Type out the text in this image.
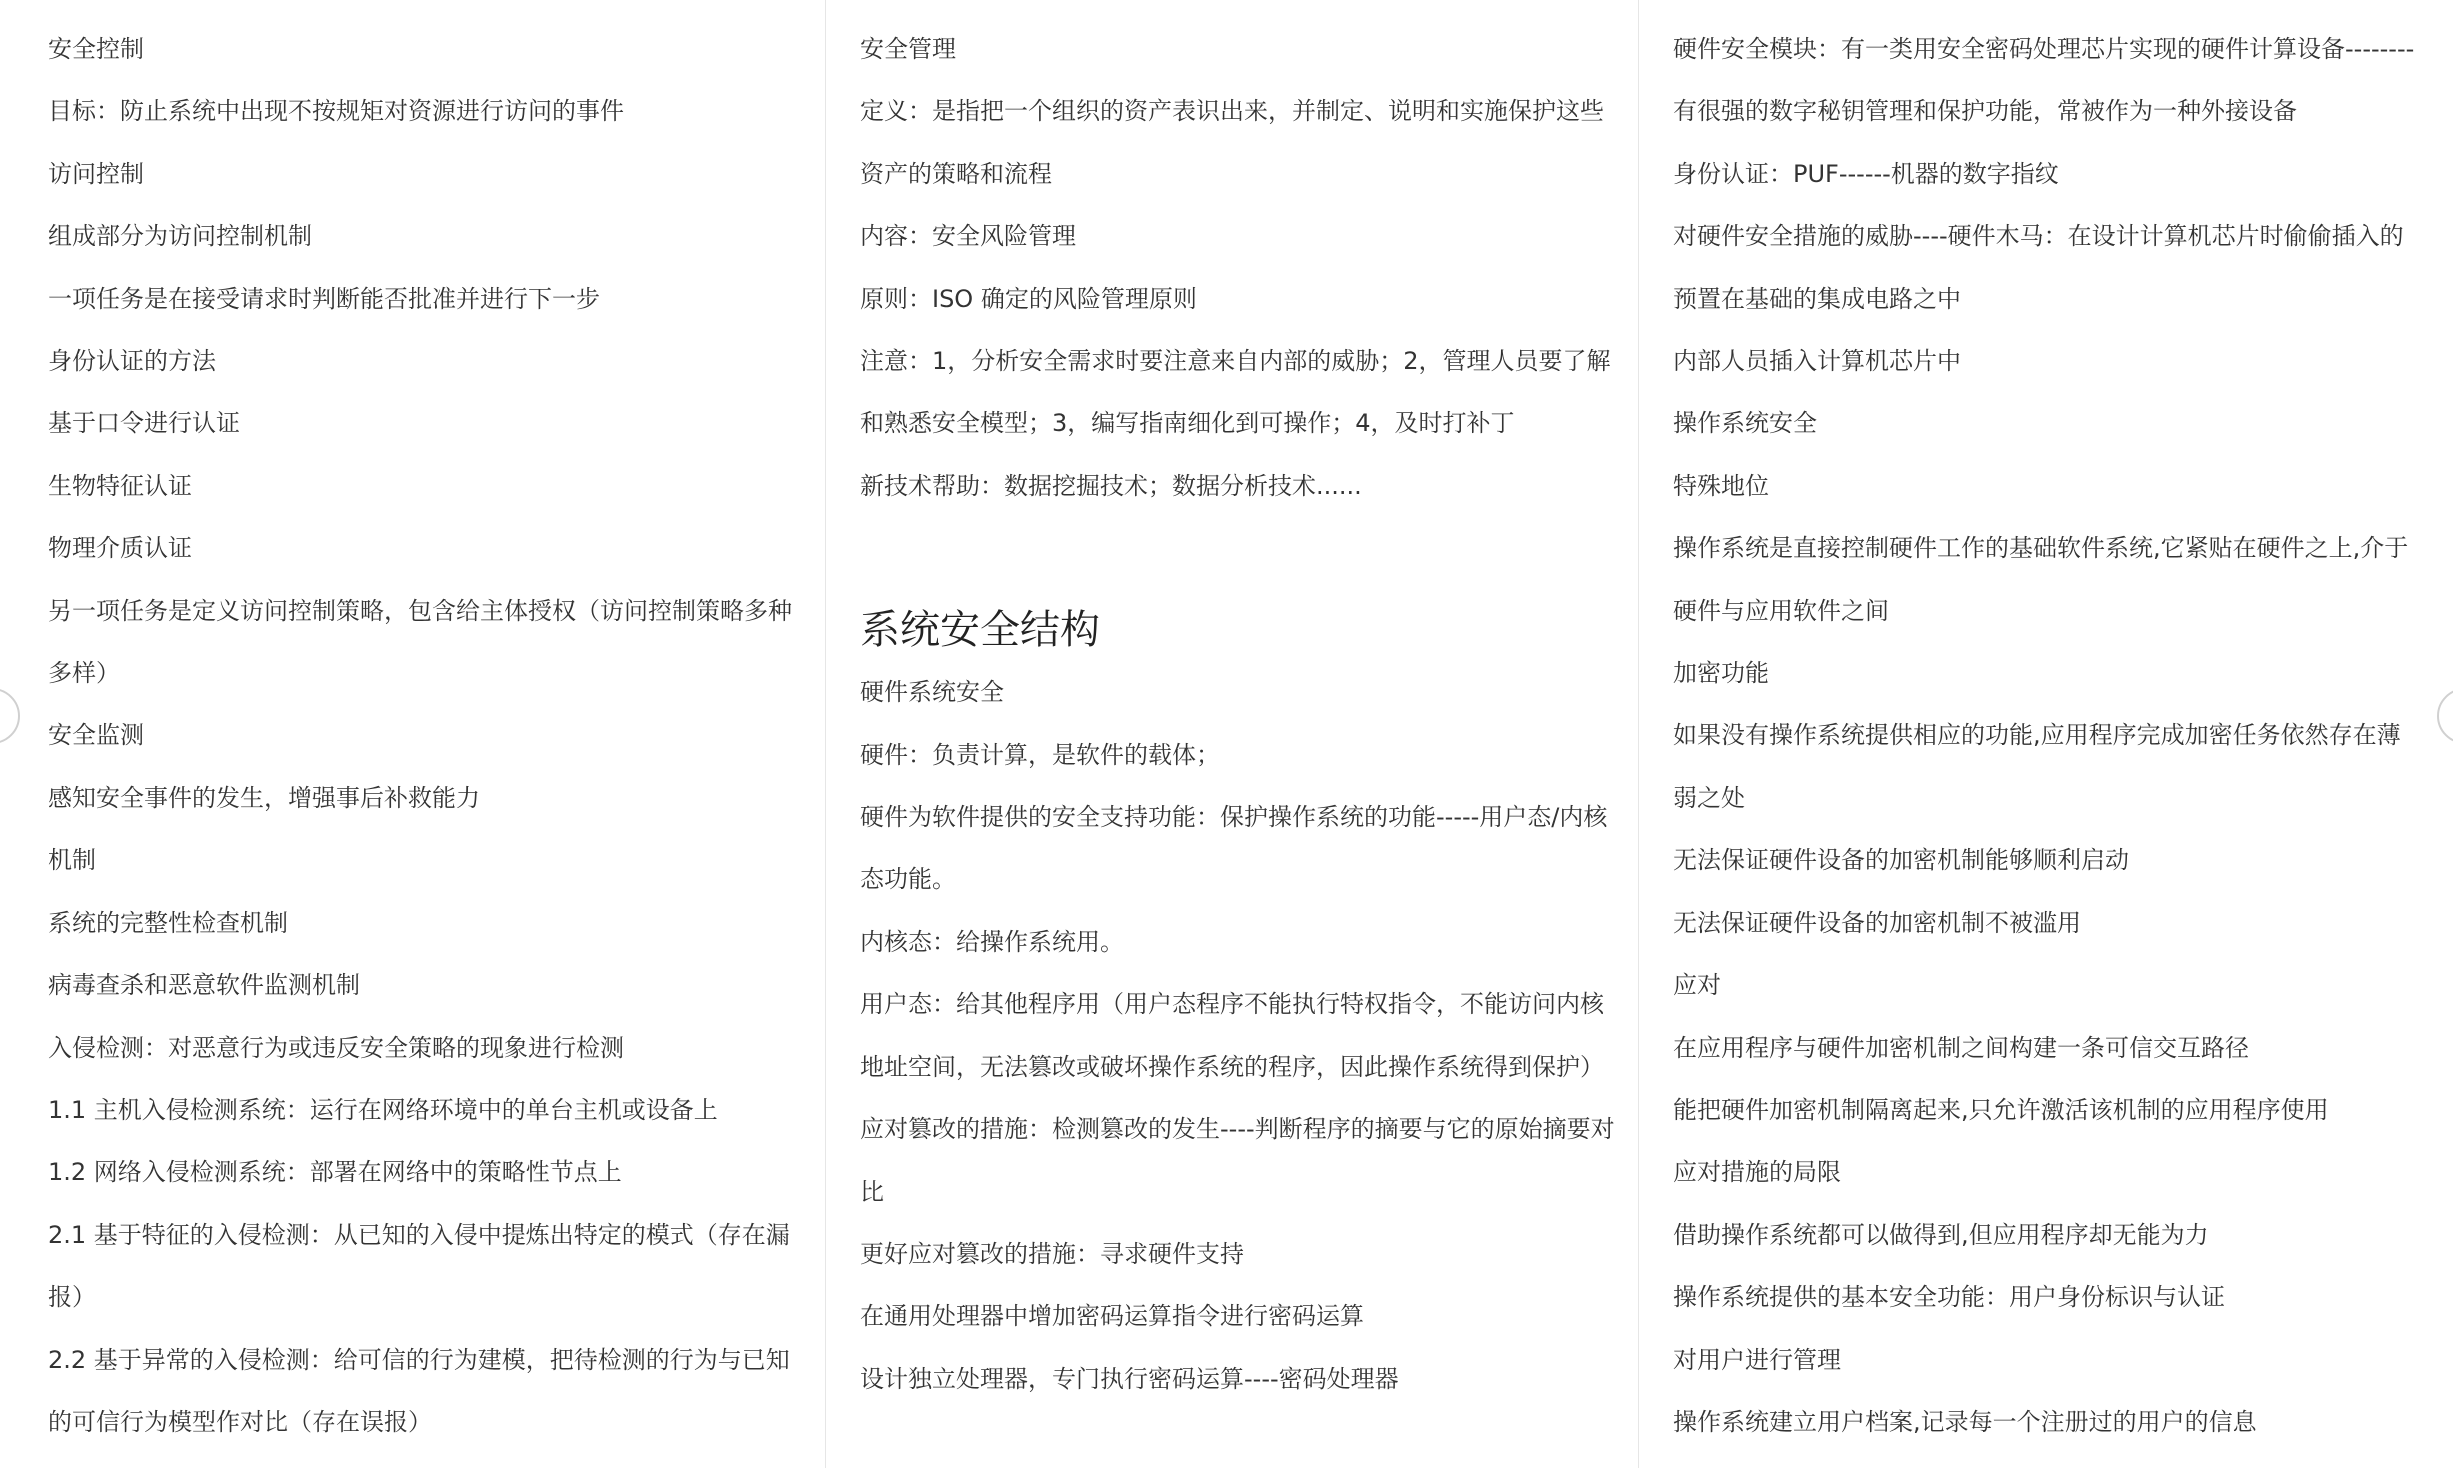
安全控制
目标：防止系统中出现不按规矩对资源进行访问的事件
访问控制
组成部分为访问控制机制
一项任务是在接受请求时判断能否批准并进行下一步
身份认证的方法
基于口令进行认证
生物特征认证
物理介质认证
另一项任务是定义访问控制策略，包含给主体授权（访问控制策略多种
多样）
安全监测
感知安全事件的发生，增强事后补救能力
机制
系统的完整性检查机制
病毒查杀和恶意软件监测机制
入侵检测：对恶意行为或违反安全策略的现象进行检测
1.1 主机入侵检测系统：运行在网络环境中的单台主机或设备上
1.2 网络入侵检测系统：部署在网络中的策略性节点上
2.1 基于特征的入侵检测：从已知的入侵中提炼出特定的模式（存在漏
报）
2.2 基于异常的入侵检测：给可信的行为建模，把待检测的行为与已知
的可信行为模型作对比（存在误报）
安全管理
定义：是指把一个组织的资产表识出来，并制定、说明和实施保护这些
资产的策略和流程
内容：安全风险管理
原则：ISO 确定的风险管理原则
注意：1，分析安全需求时要注意来自内部的威胁；2，管理人员要了解
和熟悉安全模型；3，编写指南细化到可操作；4，及时打补丁
新技术帮助：数据挖掘技术；数据分析技术......
系统安全结构
硬件系统安全
硬件：负责计算，是软件的载体；
硬件为软件提供的安全支持功能：保护操作系统的功能-----用户态/内核
态功能。
内核态：给操作系统用。
用户态：给其他程序用（用户态程序不能执行特权指令，不能访问内核
地址空间，无法篡改或破坏操作系统的程序，因此操作系统得到保护）
应对篡改的措施：检测篡改的发生----判断程序的摘要与它的原始摘要对
比
更好应对篡改的措施：寻求硬件支持
在通用处理器中增加密码运算指令进行密码运算
设计独立处理器，专门执行密码运算----密码处理器
硬件安全模块：有一类用安全密码处理芯片实现的硬件计算设备--------
有很强的数字秘钥管理和保护功能，常被作为一种外接设备
身份认证：PUF------机器的数字指纹
对硬件安全措施的威胁----硬件木马：在设计计算机芯片时偷偷插入的
预置在基础的集成电路之中
内部人员插入计算机芯片中
操作系统安全
特殊地位
操作系统是直接控制硬件工作的基础软件系统,它紧贴在硬件之上,介于
硬件与应用软件之间
加密功能
如果没有操作系统提供相应的功能,应用程序完成加密任务依然存在薄
弱之处
无法保证硬件设备的加密机制能够顺利启动
无法保证硬件设备的加密机制不被滥用
应对
在应用程序与硬件加密机制之间构建一条可信交互路径
能把硬件加密机制隔离起来,只允许激活该机制的应用程序使用
应对措施的局限
借助操作系统都可以做得到,但应用程序却无能为力
操作系统提供的基本安全功能：用户身份标识与认证
对用户进行管理
操作系统建立用户档案,记录每一个注册过的用户的信息
